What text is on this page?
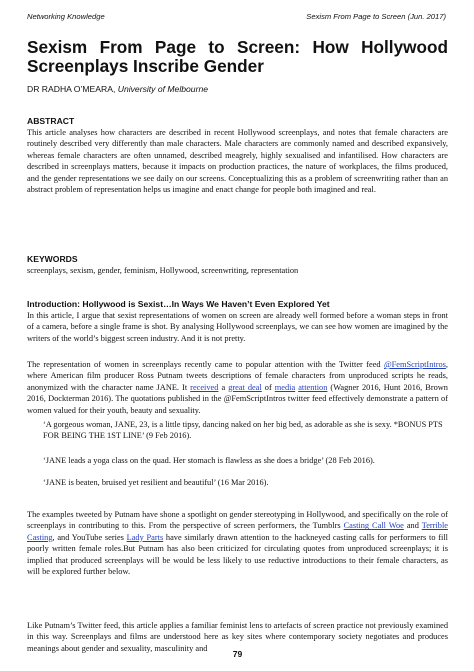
Networking Knowledge	Sexism From Page to Screen (Jun. 2017)
Sexism From Page to Screen: How Hollywood Screenplays Inscribe Gender
DR RADHA O’MEARA, University of Melbourne
ABSTRACT
This article analyses how characters are described in recent Hollywood screenplays, and notes that female characters are routinely described very differently than male characters. Male characters are commonly named and described expansively, whereas female characters are often unnamed, described meagrely, highly sexualised and infantilised. How characters are described in screenplays matters, because it impacts on production practices, the nature of workplaces, the films produced, and the gender representations we see daily on our screens. Conceptualizing this as a problem of screenwriting rather than an abstract problem of representation helps us imagine and enact change for people both imagined and real.
KEYWORDS
screenplays, sexism, gender, feminism, Hollywood, screenwriting, representation
Introduction: Hollywood is Sexist…In Ways We Haven’t Even Explored Yet
In this article, I argue that sexist representations of women on screen are already well formed before a woman steps in front of a camera, before a single frame is shot. By analysing Hollywood screenplays, we can see how women are imagined by the writers of the world’s biggest screen industry. And it is not pretty.
The representation of women in screenplays recently came to popular attention with the Twitter feed @FemScriptIntros, where American film producer Ross Putnam tweets descriptions of female characters from unproduced scripts he reads, anonymized with the character name JANE. It received a great deal of media attention (Wagner 2016, Hunt 2016, Brown 2016, Dockterman 2016). The quotations published in the @FemScriptIntros twitter feed effectively demonstrate a pattern of women valued for their youth, beauty and sexuality.
‘A gorgeous woman, JANE, 23, is a little tipsy, dancing naked on her big bed, as adorable as she is sexy. *BONUS PTS FOR BEING THE 1ST LINE’ (9 Feb 2016).
‘JANE leads a yoga class on the quad. Her stomach is flawless as she does a bridge’ (28 Feb 2016).
‘JANE is beaten, bruised yet resilient and beautiful’ (16 Mar 2016).
The examples tweeted by Putnam have shone a spotlight on gender stereotyping in Hollywood, and specifically on the role of screenplays in contributing to this. From the perspective of screen performers, the Tumblrs Casting Call Woe and Terrible Casting, and YouTube series Lady Parts have similarly drawn attention to the hackneyed casting calls for performers to fill poorly written female roles.But Putnam has also been criticized for circulating quotes from unproduced screenplays; it is implied that produced screenplays will be would be less likely to use reductive introductions to their female characters, as will be explored further below.
Like Putnam’s Twitter feed, this article applies a familiar feminist lens to artefacts of screen practice not previously examined in this way. Screenplays and films are understood here as key sites where contemporary society negotiates and produces meanings about gender and sexuality, masculinity and
79
